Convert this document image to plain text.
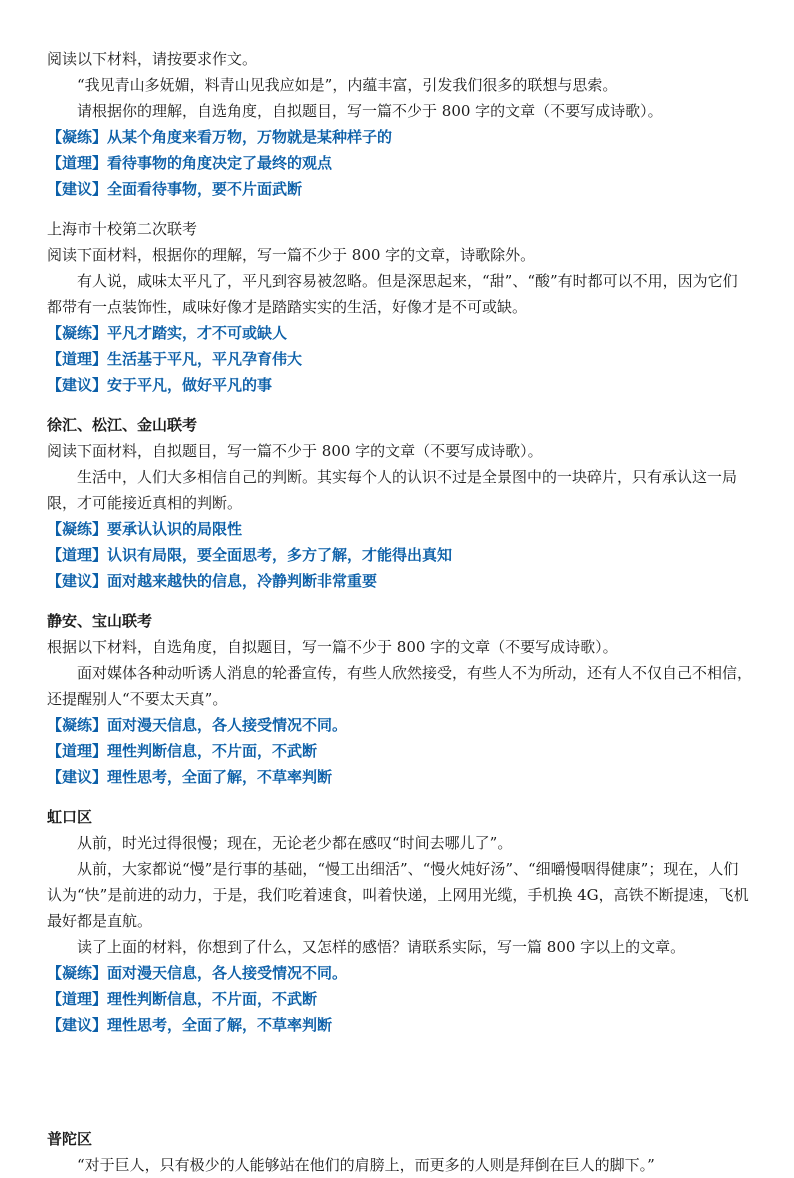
阅读以下材料，请按要求作文。

“我见青山多妩媚，料青山见我应如是”，内蕴丰富，引发我们很多的联想与思索。

请根据你的理解，自选角度，自拟题目，写一篇不少于 800 字的文章（不要写成诗歌）。

【凝练】从某个角度来看万物，万物就是某种样子的

【道理】看待事物的角度决定了最终的观点

【建议】全面看待事物，要不片面武断

上海市十校第二次联考

阅读下面材料，根据你的理解，写一篇不少于 800 字的文章，诗歌除外。

有人说，咸味太平凡了，平凡到容易被忽略。但是深思起来，“甜”、“酸”有时都可以不用，因为它们都带有一点装饰性，咸味好像才是踏踏实实的生活，好像才是不可或缺。

【凝练】平凡才踏实，才不可或缺人

【道理】生活基于平凡，平凡孕育伟大

【建议】安于平凡，做好平凡的事

徐汇、松江、金山联考

阅读下面材料，自拟题目，写一篇不少于 800 字的文章（不要写成诗歌）。

生活中，人们大多相信自己的判断。其实每个人的认识不过是全景图中的一块碎片，只有承认这一局限，才可能接近真相的判断。

【凝练】要承认认识的局限性

【道理】认识有局限，要全面思考，多方了解，才能得出真知

【建议】面对越来越快的信息，冷静判断非常重要

静安、宝山联考

根据以下材料，自选角度，自拟题目，写一篇不少于 800 字的文章（不要写成诗歌）。

面对媒体各种动听诱人消息的轮番宣传，有些人欣然接受，有些人不为所动，还有人不仅自己不相信，还提醒别人“不要太天真”。

【凝练】面对漫天信息，各人接受情况不同。

【道理】理性判断信息，不片面，不武断

【建议】理性思考，全面了解，不草率判断

虹口区

从前，时光过得很慢；现在，无论老少都在感叹“时间去哪儿了”。

从前，大家都说“慢”是行事的基础，“慢工出细活”、“慢火炖好汤”、“细嚼慢咽得健康”；现在，人们认为“快”是前进的动力，于是，我们吃着速食，叫着快递，上网用光缆，手机换 4G，高铁不断提速，飞机最好都是直航。

读了上面的材料，你想到了什么，又怎样的感悟？请联系实际，写一篇 800 字以上的文章。

【凝练】面对漫天信息，各人接受情况不同。

【道理】理性判断信息，不片面，不武断

【建议】理性思考，全面了解，不草率判断

普陀区

“对于巨人，只有极少的人能够站在他们的肩膀上，而更多的人则是拜倒在巨人的脚下。”
